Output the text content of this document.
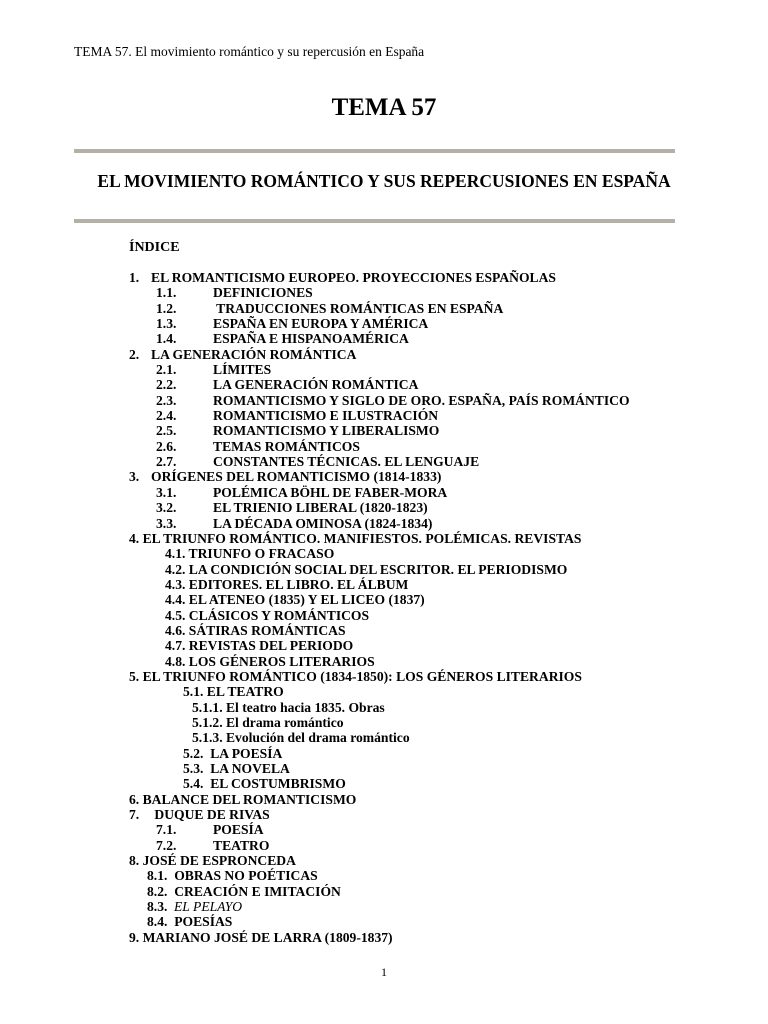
TEMA 57. El movimiento romántico y su repercusión en España
TEMA 57
EL MOVIMIENTO ROMÁNTICO Y SUS REPERCUSIONES EN ESPAÑA
ÍNDICE
1. EL ROMANTICISMO EUROPEO. PROYECCIONES ESPAÑOLAS
1.1.	DEFINICIONES
1.2.	TRADUCCIONES ROMÁNTICAS EN ESPAÑA
1.3.	ESPAÑA EN EUROPA Y AMÉRICA
1.4.	ESPAÑA E HISPANOAMÉRICA
2. LA GENERACIÓN ROMÁNTICA
2.1.	LÍMITES
2.2.	LA GENERACIÓN ROMÁNTICA
2.3.	ROMANTICISMO Y SIGLO DE ORO. ESPAÑA, PAÍS ROMÁNTICO
2.4.	ROMANTICISMO E ILUSTRACIÓN
2.5.	ROMANTICISMO Y LIBERALISMO
2.6.	TEMAS ROMÁNTICOS
2.7.	CONSTANTES TÉCNICAS. EL LENGUAJE
3. ORÍGENES DEL ROMANTICISMO (1814-1833)
3.1.	POLÉMICA BÖHL DE FABER-MORA
3.2.	EL TRIENIO LIBERAL (1820-1823)
3.3.	LA DÉCADA OMINOSA (1824-1834)
4. EL TRIUNFO ROMÁNTICO. MANIFIESTOS. POLÉMICAS. REVISTAS
4.1. TRIUNFO O FRACASO
4.2. LA CONDICIÓN SOCIAL DEL ESCRITOR. EL PERIODISMO
4.3. EDITORES. EL LIBRO. EL ÁLBUM
4.4. EL ATENEO (1835) Y EL LICEO (1837)
4.5. CLÁSICOS Y ROMÁNTICOS
4.6. SÁTIRAS ROMÁNTICAS
4.7. REVISTAS DEL PERIODO
4.8. LOS GÉNEROS LITERARIOS
5. EL TRIUNFO ROMÁNTICO (1834-1850): LOS GÉNEROS LITERARIOS
5.1. EL TEATRO
5.1.1. El teatro hacia 1835. Obras
5.1.2. El drama romántico
5.1.3. Evolución del drama romántico
5.2.  LA POESÍA
5.3.  LA NOVELA
5.4.  EL COSTUMBRISMO
6. BALANCE DEL ROMANTICISMO
7. DUQUE DE RIVAS
7.1.	POESÍA
7.2.	TEATRO
8. JOSÉ DE ESPRONCEDA
8.1.  OBRAS NO POÉTICAS
8.2.  CREACIÓN E IMITACIÓN
8.3. EL PELAYO
8.4.  POESÍAS
9. MARIANO JOSÉ DE LARRA (1809-1837)
1
